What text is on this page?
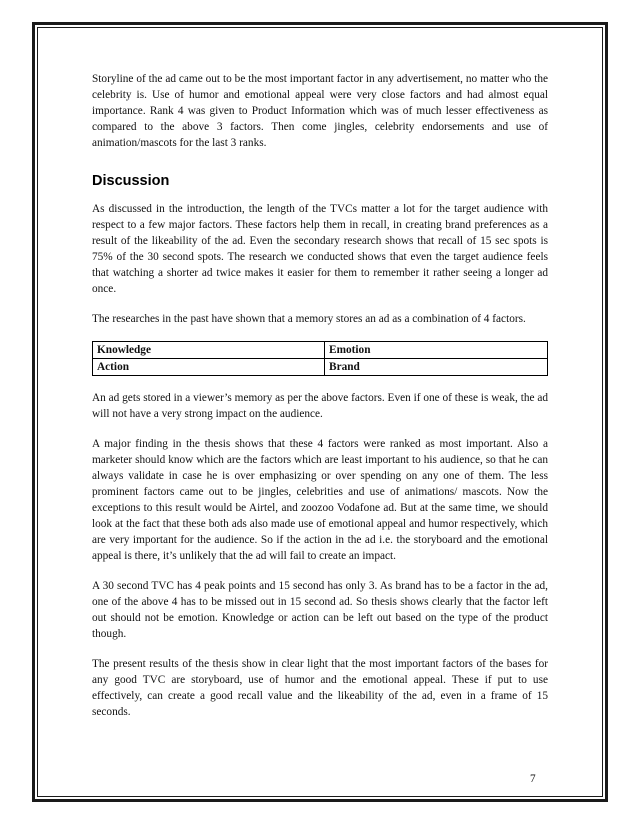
Storyline of the ad came out to be the most important factor in any advertisement, no matter who the celebrity is. Use of humor and emotional appeal were very close factors and had almost equal importance. Rank 4 was given to Product Information which was of much lesser effectiveness as compared to the above 3 factors. Then come jingles, celebrity endorsements and use of animation/mascots for the last 3 ranks.

Discussion

As discussed in the introduction, the length of the TVCs matter a lot for the target audience with respect to a few major factors. These factors help them in recall, in creating brand preferences as a result of the likeability of the ad. Even the secondary research shows that recall of 15 sec spots is 75% of the 30 second spots. The research we conducted shows that even the target audience feels that watching a shorter ad twice makes it easier for them to remember it rather seeing a longer ad once.

The researches in the past have shown that a memory stores an ad as a combination of 4 factors.

Knowledge	Emotion
Action	Brand

An ad gets stored in a viewer’s memory as per the above factors. Even if one of these is weak, the ad will not have a very strong impact on the audience.

A major finding in the thesis shows that these 4 factors were ranked as most important. Also a marketer should know which are the factors which are least important to his audience, so that he can always validate in case he is over emphasizing or over spending on any one of them. The less prominent factors came out to be jingles, celebrities and use of animations/ mascots. Now the exceptions to this result would be Airtel, and zoozoo Vodafone ad. But at the same time, we should look at the fact that these both ads also made use of emotional appeal and humor respectively, which are very important for the audience. So if the action in the ad i.e. the storyboard and the emotional appeal is there, it’s unlikely that the ad will fail to create an impact.

A 30 second TVC has 4 peak points and 15 second has only 3. As brand has to be a factor in the ad, one of the above 4 has to be missed out in 15 second ad. So thesis shows clearly that the factor left out should not be emotion. Knowledge or action can be left out based on the type of the product though.

The present results of the thesis show in clear light that the most important factors of the bases for any good TVC are storyboard, use of humor and the emotional appeal. These if put to use effectively, can create a good recall value and the likeability of the ad, even in a frame of 15 seconds.

7
